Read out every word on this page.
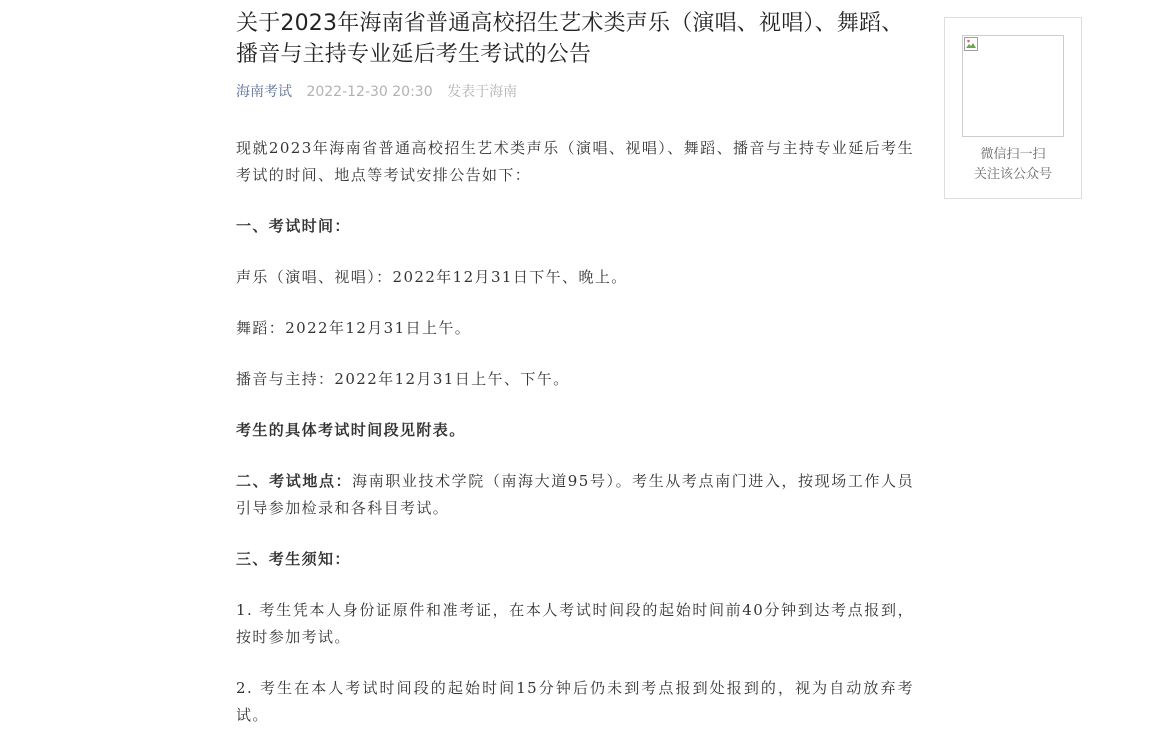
关于2023年海南省普通高校招生艺术类声乐（演唱、视唱）、舞蹈、播音与主持专业延后考生考试的公告
海南考试 2022-12-30 20:30 发表于海南

现就2023年海南省普通高校招生艺术类声乐（演唱、视唱）、舞蹈、播音与主持专业延后考生考试的时间、地点等考试安排公告如下：

一、考试时间：

声乐（演唱、视唱）：2022年12月31日下午、晚上。

舞蹈：2022年12月31日上午。

播音与主持：2022年12月31日上午、下午。

考生的具体考试时间段见附表。

二、考试地点：海南职业技术学院（南海大道95号）。考生从考点南门进入，按现场工作人员引导参加检录和各科目考试。

三、考生须知：

1. 考生凭本人身份证原件和准考证，在本人考试时间段的起始时间前40分钟到达考点报到，按时参加考试。

2. 考生在本人考试时间段的起始时间15分钟后仍未到考点报到处报到的，视为自动放弃考试。

微信扫一扫
关注该公众号
